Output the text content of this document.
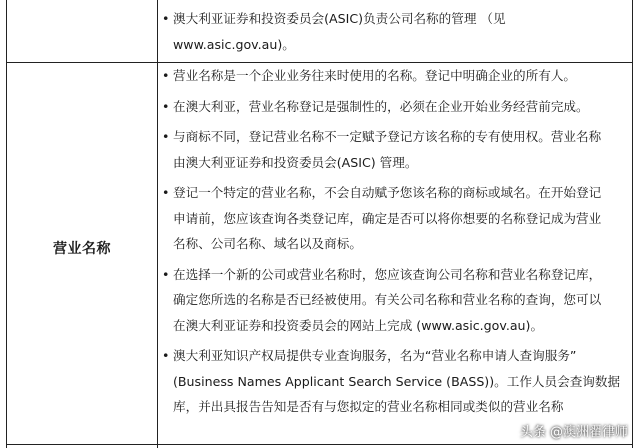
• 澳大利亚证券和投资委员会(ASIC)负责公司名称的管理 （见
www.asic.gov.au)。
营业名称
• 营业名称是一个企业业务往来时使用的名称。登记中明确企业的所有人。
• 在澳大利亚，营业名称登记是强制性的，必须在企业开始业务经营前完成。
• 与商标不同，登记营业名称不一定赋予登记方该名称的专有使用权。营业名称
由澳大利亚证券和投资委员会(ASIC) 管理。
• 登记一个特定的营业名称，不会自动赋予您该名称的商标或域名。在开始登记
申请前，您应该查询各类登记库，确定是否可以将你想要的名称登记成为营业
名称、公司名称、域名以及商标。
• 在选择一个新的公司或营业名称时，您应该查询公司名称和营业名称登记库，
确定您所选的名称是否已经被使用。有关公司名称和营业名称的查询，您可以
在澳大利亚证券和投资委员会的网站上完成 (www.asic.gov.au)。
• 澳大利亚知识产权局提供专业查询服务，名为“营业名称申请人查询服务”
(Business Names Applicant Search Service (BASS))。工作人员会查询数据
库，并出具报告告知是否有与您拟定的营业名称相同或类似的营业名称
头条 @澳洲翟律师
